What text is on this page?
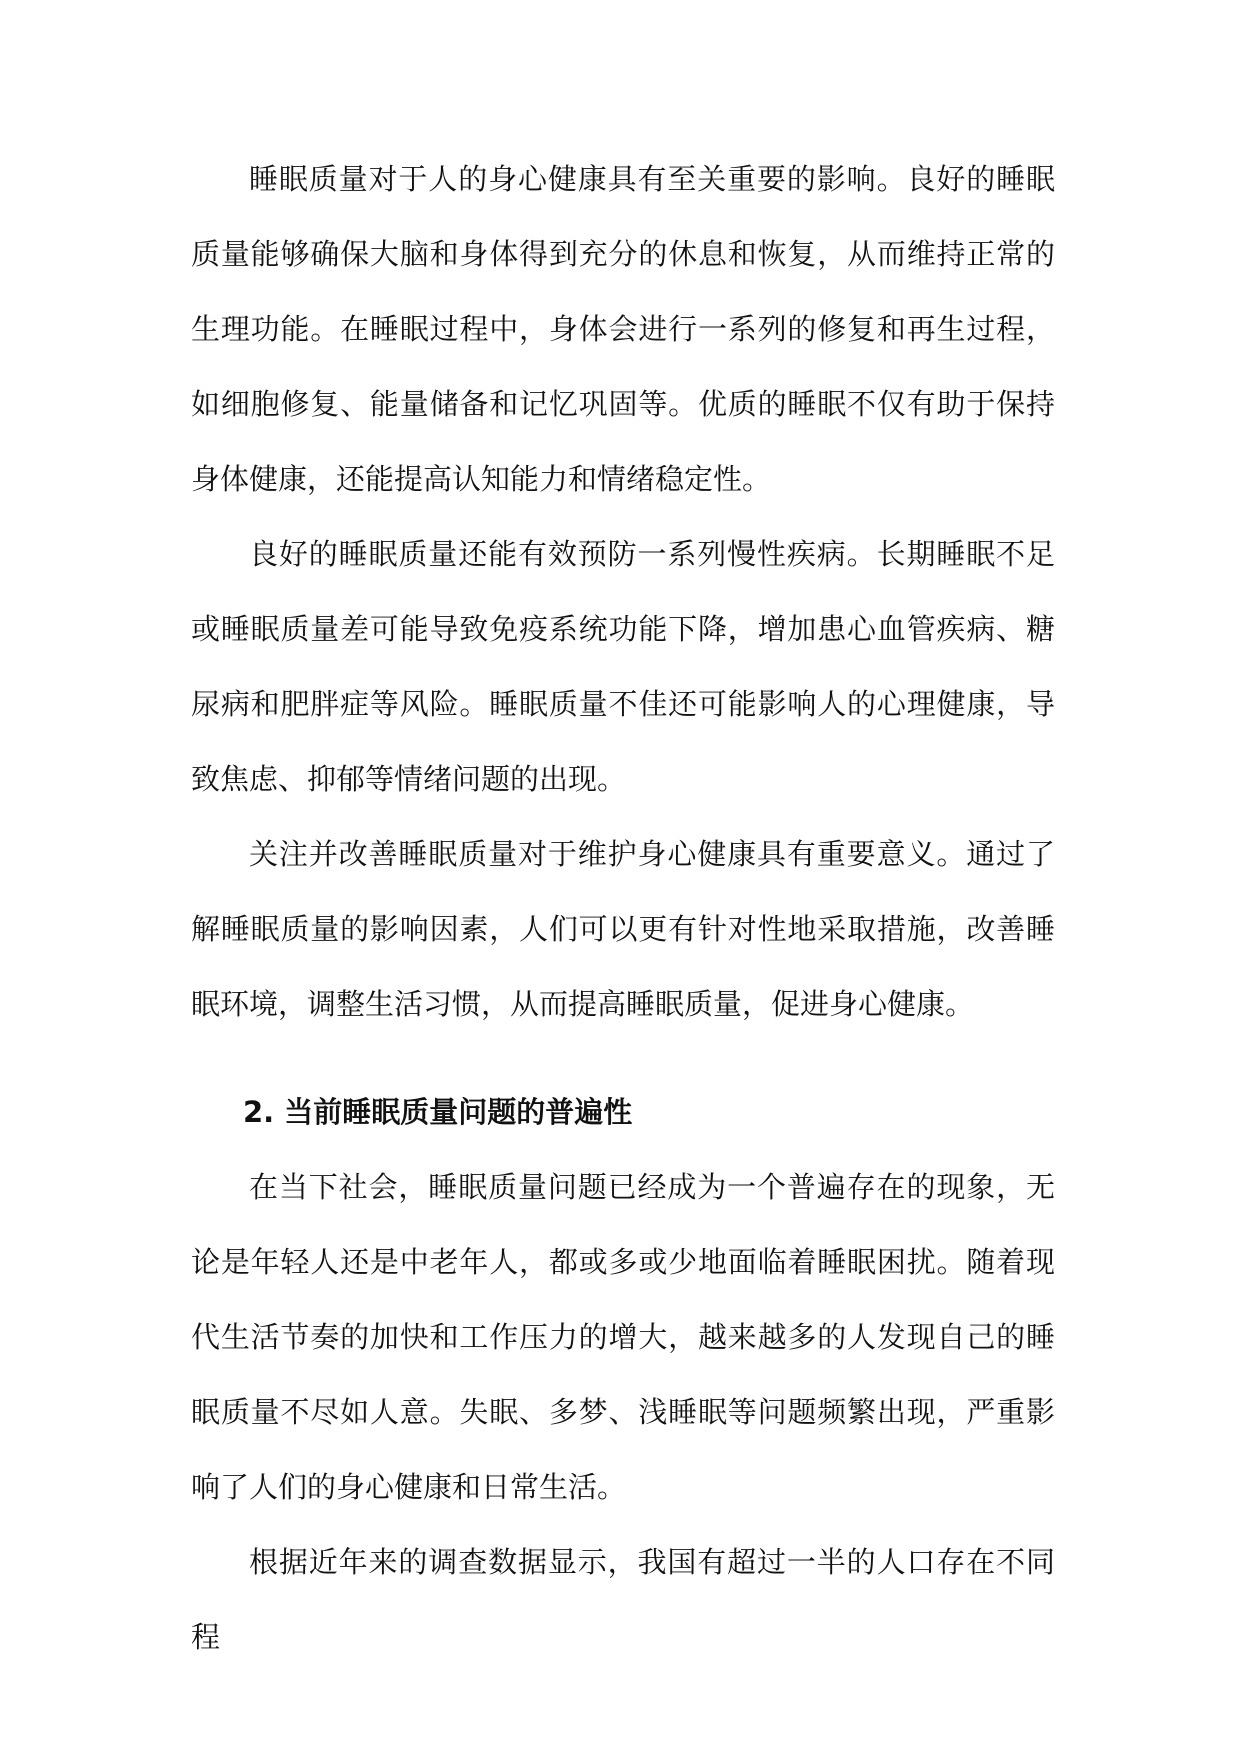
睡眠质量对于人的身心健康具有至关重要的影响。良好的睡眠质量能够确保大脑和身体得到充分的休息和恢复，从而维持正常的生理功能。在睡眠过程中，身体会进行一系列的修复和再生过程，如细胞修复、能量储备和记忆巩固等。优质的睡眠不仅有助于保持身体健康，还能提高认知能力和情绪稳定性。

良好的睡眠质量还能有效预防一系列慢性疾病。长期睡眠不足或睡眠质量差可能导致免疫系统功能下降，增加患心血管疾病、糖尿病和肥胖症等风险。睡眠质量不佳还可能影响人的心理健康，导致焦虑、抑郁等情绪问题的出现。

关注并改善睡眠质量对于维护身心健康具有重要意义。通过了解睡眠质量的影响因素，人们可以更有针对性地采取措施，改善睡眠环境，调整生活习惯，从而提高睡眠质量，促进身心健康。

2. 当前睡眠质量问题的普遍性

在当下社会，睡眠质量问题已经成为一个普遍存在的现象，无论是年轻人还是中老年人，都或多或少地面临着睡眠困扰。随着现代生活节奏的加快和工作压力的增大，越来越多的人发现自己的睡眠质量不尽如人意。失眠、多梦、浅睡眠等问题频繁出现，严重影响了人们的身心健康和日常生活。

根据近年来的调查数据显示，我国有超过一半的人口存在不同程
